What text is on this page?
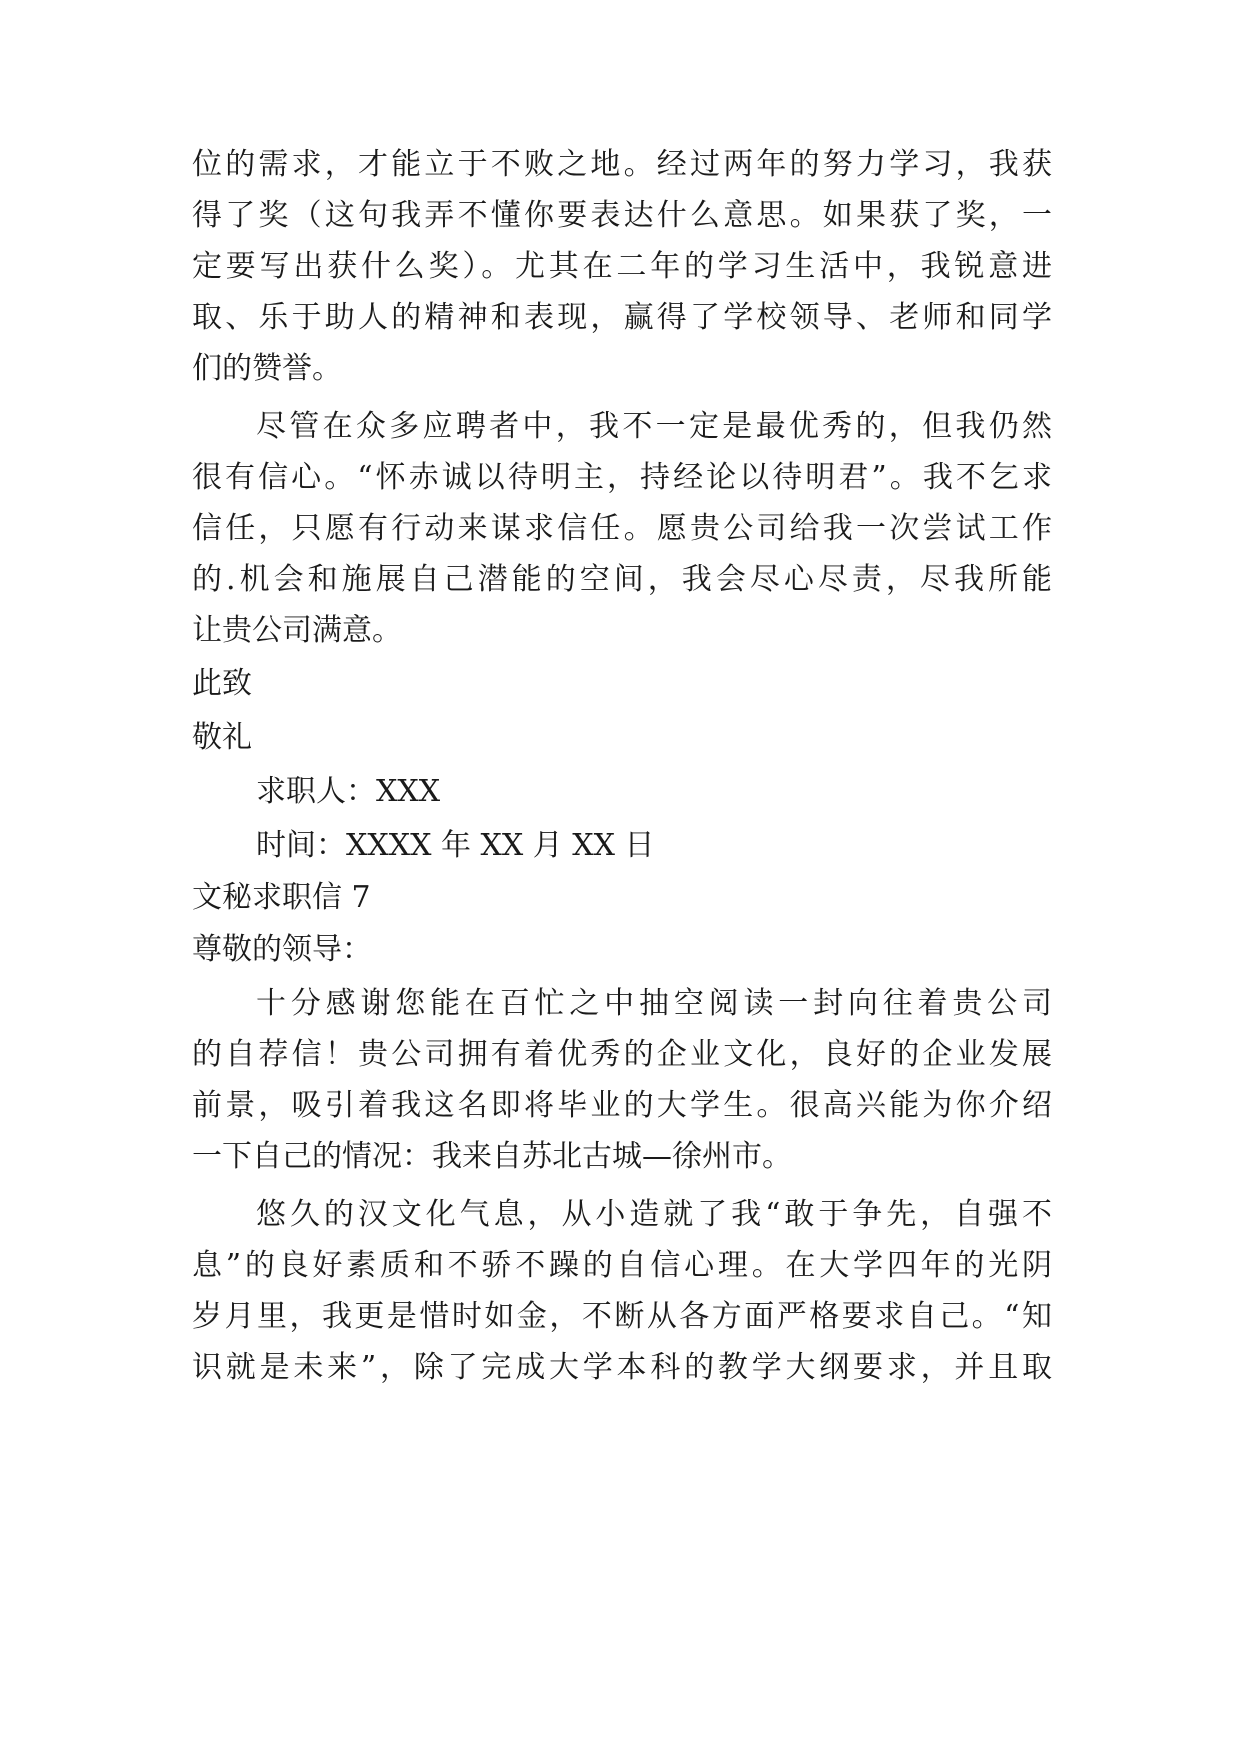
位的需求，才能立于不败之地。经过两年的努力学习，我获
得了奖（这句我弄不懂你要表达什么意思。如果获了奖，一
定要写出获什么奖）。尤其在二年的学习生活中，我锐意进
取、乐于助人的精神和表现，赢得了学校领导、老师和同学
们的赞誉。
尽管在众多应聘者中，我不一定是最优秀的，但我仍然
很有信心。“怀赤诚以待明主，持经论以待明君”。我不乞求
信任，只愿有行动来谋求信任。愿贵公司给我一次尝试工作
的.机会和施展自己潜能的空间，我会尽心尽责，尽我所能
让贵公司满意。
此致
敬礼
求职人：XXX
时间：XXXX 年 XX 月 XX 日
文秘求职信 7
尊敬的领导：
十分感谢您能在百忙之中抽空阅读一封向往着贵公司
的自荐信！贵公司拥有着优秀的企业文化，良好的企业发展
前景，吸引着我这名即将毕业的大学生。很高兴能为你介绍
一下自己的情况：我来自苏北古城—徐州市。
悠久的汉文化气息，从小造就了我“敢于争先，自强不
息”的良好素质和不骄不躁的自信心理。在大学四年的光阴
岁月里，我更是惜时如金，不断从各方面严格要求自己。“知
识就是未来”，除了完成大学本科的教学大纲要求，并且取
